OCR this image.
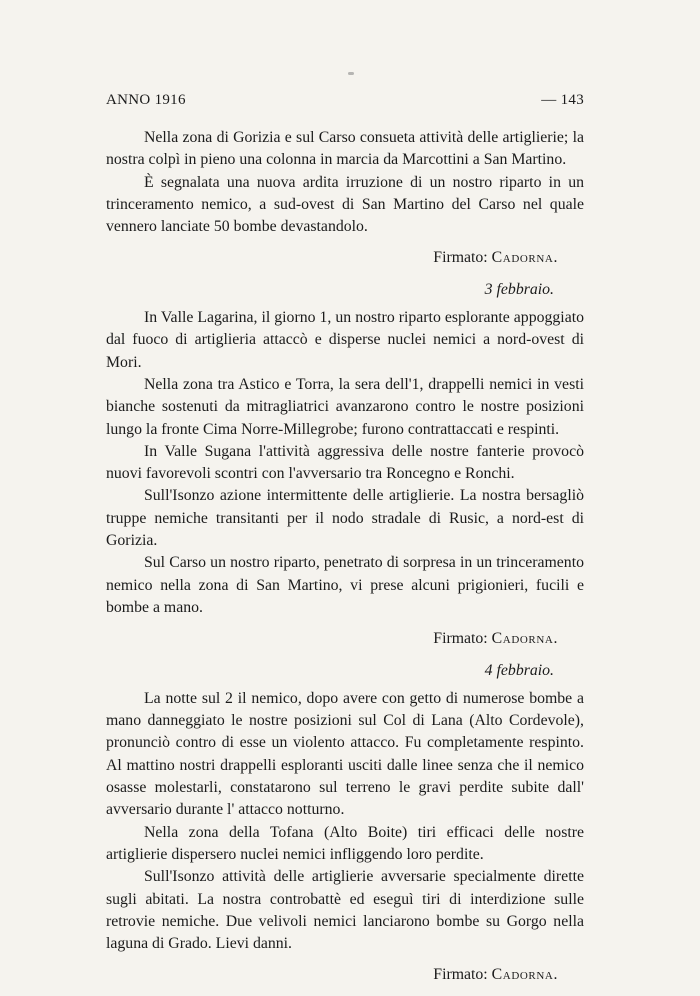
ANNO 1916	— 143

Nella zona di Gorizia e sul Carso consueta attività delle artiglierie; la nostra colpì in pieno una colonna in marcia da Marcottini a San Martino.

È segnalata una nuova ardita irruzione di un nostro riparto in un trinceramento nemico, a sud-ovest di San Martino del Carso nel quale vennero lanciate 50 bombe devastandolo.

Firmato: Cadorna.
3 febbraio.

In Valle Lagarina, il giorno 1, un nostro riparto esplorante appoggiato dal fuoco di artiglieria attaccò e disperse nuclei nemici a nord-ovest di Mori.

Nella zona tra Astico e Torra, la sera dell'1, drappelli nemici in vesti bianche sostenuti da mitragliatrici avanzarono contro le nostre posizioni lungo la fronte Cima Norre-Millegrobe; furono contrattaccati e respinti.

In Valle Sugana l'attività aggressiva delle nostre fanterie provocò nuovi favorevoli scontri con l'avversario tra Roncegno e Ronchi.

Sull'Isonzo azione intermittente delle artiglierie. La nostra bersagliò truppe nemiche transitanti per il nodo stradale di Rusic, a nord-est di Gorizia.

Sul Carso un nostro riparto, penetrato di sorpresa in un trinceramento nemico nella zona di San Martino, vi prese alcuni prigionieri, fucili e bombe a mano.

Firmato: Cadorna.
4 febbraio.

La notte sul 2 il nemico, dopo avere con getto di numerose bombe a mano danneggiato le nostre posizioni sul Col di Lana (Alto Cordevole), pronunciò contro di esse un violento attacco. Fu completamente respinto. Al mattino nostri drappelli esploranti usciti dalle linee senza che il nemico osasse molestarli, constatarono sul terreno le gravi perdite subite dall' avversario durante l' attacco notturno.

Nella zona della Tofana (Alto Boite) tiri efficaci delle nostre artiglierie dispersero nuclei nemici infliggendo loro perdite.

Sull'Isonzo attività delle artiglierie avversarie specialmente dirette sugli abitati. La nostra controbattè ed eseguì tiri di interdizione sulle retrovie nemiche. Due velivoli nemici lanciarono bombe su Gorgo nella laguna di Grado. Lievi danni.

Firmato: Cadorna.
